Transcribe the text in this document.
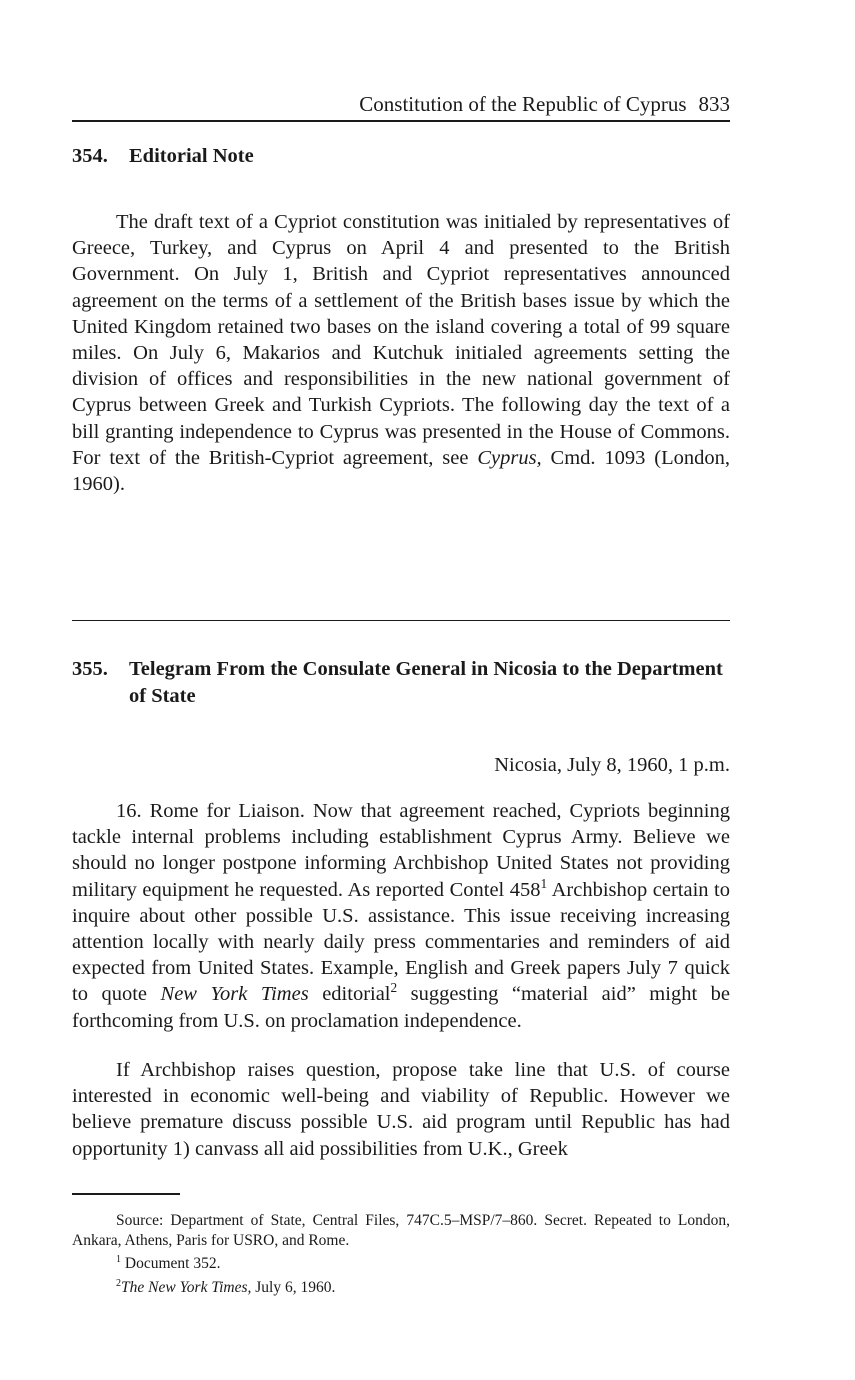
Constitution of the Republic of Cyprus 833
354.	Editorial Note

The draft text of a Cypriot constitution was initialed by representatives of Greece, Turkey, and Cyprus on April 4 and presented to the British Government. On July 1, British and Cypriot representatives announced agreement on the terms of a settlement of the British bases issue by which the United Kingdom retained two bases on the island covering a total of 99 square miles. On July 6, Makarios and Kutchuk initialed agreements setting the division of offices and responsibilities in the new national government of Cyprus between Greek and Turkish Cypriots. The following day the text of a bill granting independence to Cyprus was presented in the House of Commons. For text of the British-Cypriot agreement, see Cyprus, Cmd. 1093 (London, 1960).

355.	Telegram From the Consulate General in Nicosia to the Department of State
Nicosia, July 8, 1960, 1 p.m.

16. Rome for Liaison. Now that agreement reached, Cypriots beginning tackle internal problems including establishment Cyprus Army. Believe we should no longer postpone informing Archbishop United States not providing military equipment he requested. As reported Contel $458^1$ Archbishop certain to inquire about other possible U.S. assistance. This issue receiving increasing attention locally with nearly daily press commentaries and reminders of aid expected from United States. Example, English and Greek papers July 7 quick to quote New York Times editorial$^2$ suggesting “material aid” might be forthcoming from U.S. on proclamation independence.

If Archbishop raises question, propose take line that U.S. of course interested in economic well-being and viability of Republic. However we believe premature discuss possible U.S. aid program until Republic has had opportunity 1) canvass all aid possibilities from U.K., Greek

Source: Department of State, Central Files, 747C.5–MSP/7–860. Secret. Repeated to London, Ankara, Athens, Paris for USRO, and Rome.

$^1$ Document 352.

$^2$The New York Times, July 6, 1960.
